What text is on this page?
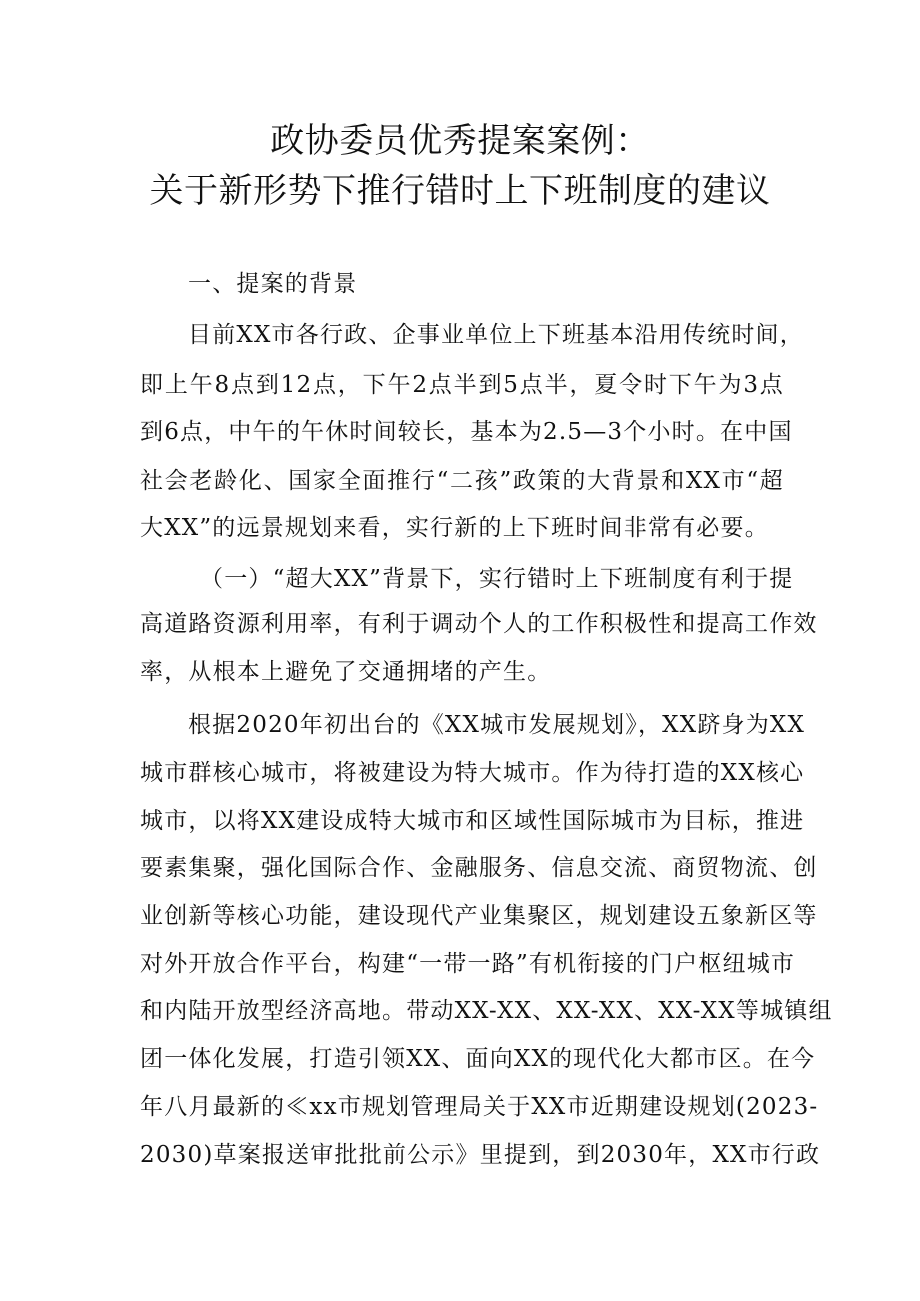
政协委员优秀提案案例：
关于新形势下推行错时上下班制度的建议
一、提案的背景
目前XX市各行政、企事业单位上下班基本沿用传统时间，
即上午8点到12点，下午2点半到5点半，夏令时下午为3点
到6点，中午的午休时间较长，基本为2.5—3个小时。在中国
社会老龄化、国家全面推行“二孩”政策的大背景和XX市“超
大XX”的远景规划来看，实行新的上下班时间非常有必要。
（一）“超大XX”背景下，实行错时上下班制度有利于提
高道路资源利用率，有利于调动个人的工作积极性和提高工作效
率，从根本上避免了交通拥堵的产生。
根据2020年初出台的《XX城市发展规划》，XX跻身为XX
城市群核心城市，将被建设为特大城市。作为待打造的XX核心
城市，以将XX建设成特大城市和区域性国际城市为目标，推进
要素集聚，强化国际合作、金融服务、信息交流、商贸物流、创
业创新等核心功能，建设现代产业集聚区，规划建设五象新区等
对外开放合作平台，构建“一带一路”有机衔接的门户枢纽城市
和内陆开放型经济高地。带动XX-XX、XX-XX、XX-XX等城镇组
团一体化发展，打造引领XX、面向XX的现代化大都市区。在今
年八月最新的≪xx市规划管理局关于XX市近期建设规划(2023-
2030)草案报送审批批前公示》里提到，到2030年，XX市行政
